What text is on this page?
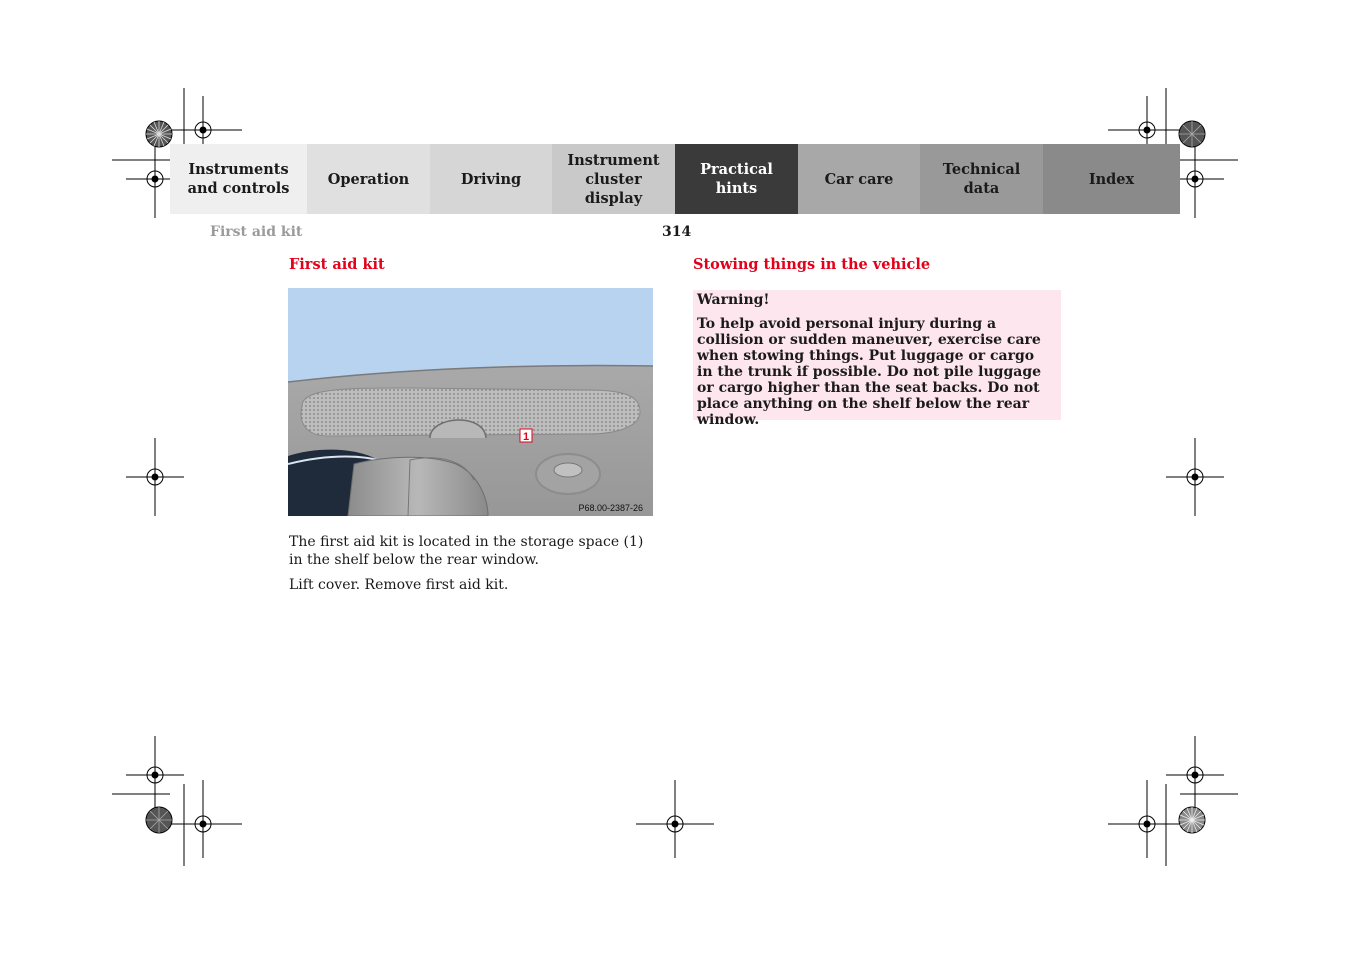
Instruments
and controls
Operation	Driving
Instrument
cluster display
Practical hints
Car care
Technical
data
Index
First aid kit	314
First aid kit
1
P68.00-2387-26

The first aid kit is located in the storage space (1) in the shelf below the rear window.

Lift cover. Remove first aid kit.

Stowing things in the vehicle

Warning!

To help avoid personal injury during a collision or sudden maneuver, exercise care when stowing things. Put luggage or cargo in the trunk if possible. Do not pile luggage or cargo higher than the seat backs. Do not place anything on the shelf below the rear window.
